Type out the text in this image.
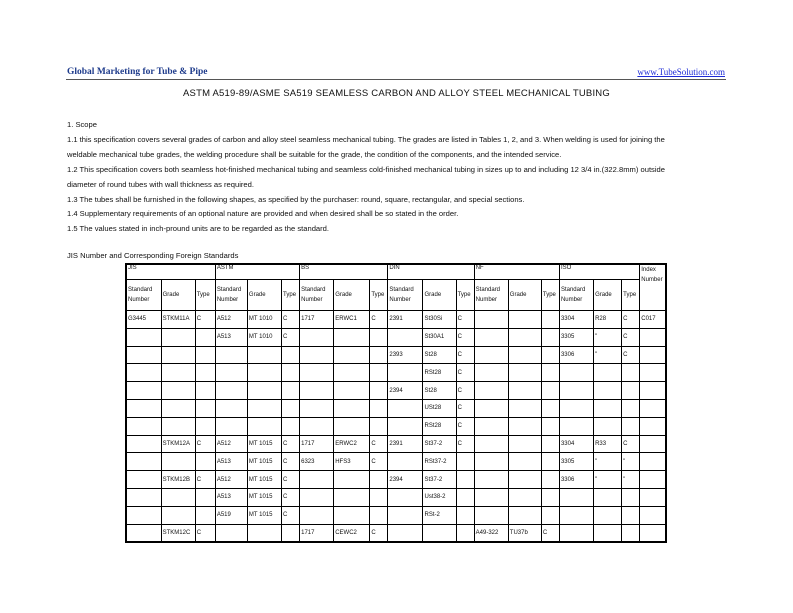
Global Marketing for Tube & Pipe	www.TubeSolution.com
ASTM A519-89/ASME SA519 SEAMLESS CARBON AND ALLOY STEEL MECHANICAL TUBING

1. Scope

1.1 this specification covers several grades of carbon and alloy steel seamless mechanical tubing. The grades are listed in Tables 1, 2, and 3. When welding is used for joining the

weldable mechanical tube grades, the welding procedure shall be suitable for the grade, the condition of the components, and the intended service.

1.2 This specification covers both seamless hot-finished mechanical tubing and seamless cold-finished mechanical tubing in sizes up to and including 12 3/4 in.(322.8mm) outside

diameter of round tubes with wall thickness as required.

1.3 The tubes shall be furnished in the following shapes, as specified by the purchaser: round, square, rectangular, and special sections.

1.4 Supplementary requirements of an optional nature are provided and when desired shall be so stated in the order.

1.5 The values stated in inch-pround units are to be regarded as the standard.

JIS Number and Corresponding Foreign Standards
JIS			ASTM			BS			DIN			NF			ISO			Index Number
Standard Number	Grade	Type	Standard Number	Grade	Type	Standard Number	Grade	Type	Standard Number	Grade	Type	Standard Number	Grade	Type	Standard Number	Grade	Type	
G3445	STKM11A	C	A512	MT 1010	C	1717	ERWC1	C	2391	St30Si	C				3304	R28	C	C017
			A513	MT 1010	C					St30A1	C				3305	"	C	
									2393	St28	C				3306	"	C	
										RSt28	C							
									2394	St28	C							
										USt28	C							
										RSt28	C							
	STKM12A	C	A512	MT 1015	C	1717	ERWC2	C	2391	St37-2	C				3304	R33	C	
			A513	MT 1015	C	6323	HFS3	C		RSt37-2					3305	"	"	
	STKM12B	C	A512	MT 1015	C				2394	St37-2					3306	"	"	
			A513	MT 1015	C					Ust38-2								
			A519	MT 1015	C					RSt-2								
	STKM12C	C				1717	CEWC2	C				A49-322	TU37b	C				
